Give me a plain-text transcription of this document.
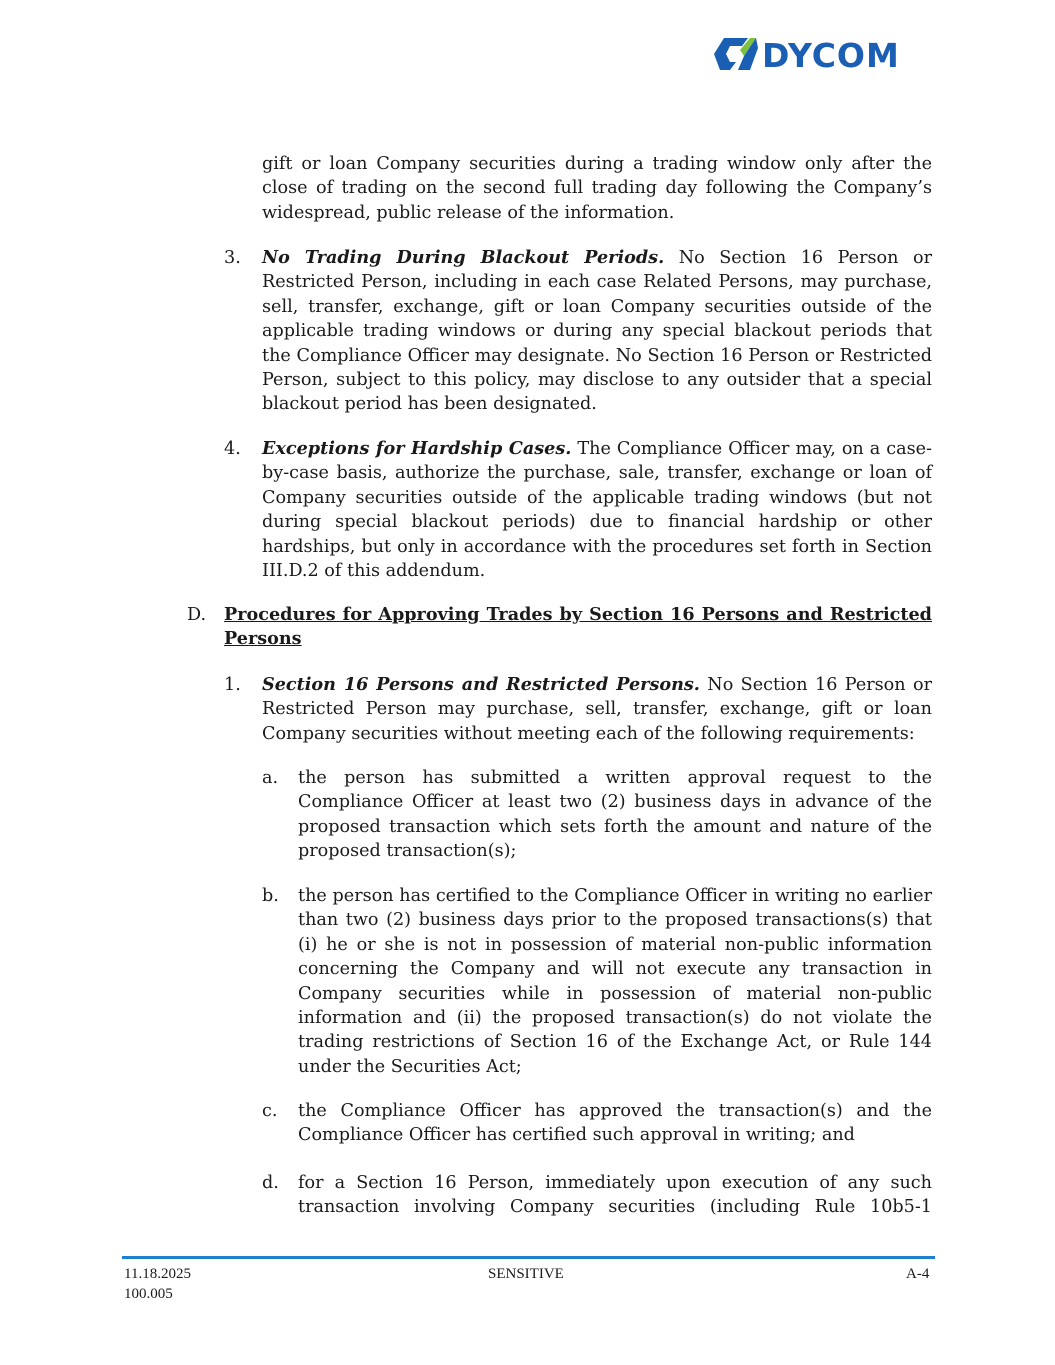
DYCOM
gift or loan Company securities during a trading window only after the close of trading on the second full trading day following the Company’s widespread, public release of the information.
3. No Trading During Blackout Periods. No Section 16 Person or Restricted Person, including in each case Related Persons, may purchase, sell, transfer, exchange, gift or loan Company securities outside of the applicable trading windows or during any special blackout periods that the Compliance Officer may designate. No Section 16 Person or Restricted Person, subject to this policy, may disclose to any outsider that a special blackout period has been designated.
4. Exceptions for Hardship Cases. The Compliance Officer may, on a case-by-case basis, authorize the purchase, sale, transfer, exchange or loan of Company securities outside of the applicable trading windows (but not during special blackout periods) due to financial hardship or other hardships, but only in accordance with the procedures set forth in Section III.D.2 of this addendum.
D. Procedures for Approving Trades by Section 16 Persons and Restricted Persons
1. Section 16 Persons and Restricted Persons. No Section 16 Person or Restricted Person may purchase, sell, transfer, exchange, gift or loan Company securities without meeting each of the following requirements:
a. the person has submitted a written approval request to the Compliance Officer at least two (2) business days in advance of the proposed transaction which sets forth the amount and nature of the proposed transaction(s);
b. the person has certified to the Compliance Officer in writing no earlier than two (2) business days prior to the proposed transactions(s) that (i) he or she is not in possession of material non-public information concerning the Company and will not execute any transaction in Company securities while in possession of material non-public information and (ii) the proposed transaction(s) do not violate the trading restrictions of Section 16 of the Exchange Act, or Rule 144 under the Securities Act;
c. the Compliance Officer has approved the transaction(s) and the Compliance Officer has certified such approval in writing; and
d. for a Section 16 Person, immediately upon execution of any such transaction involving Company securities (including Rule 10b5-1
11.18.2025
100.005
SENSITIVE	A-4
